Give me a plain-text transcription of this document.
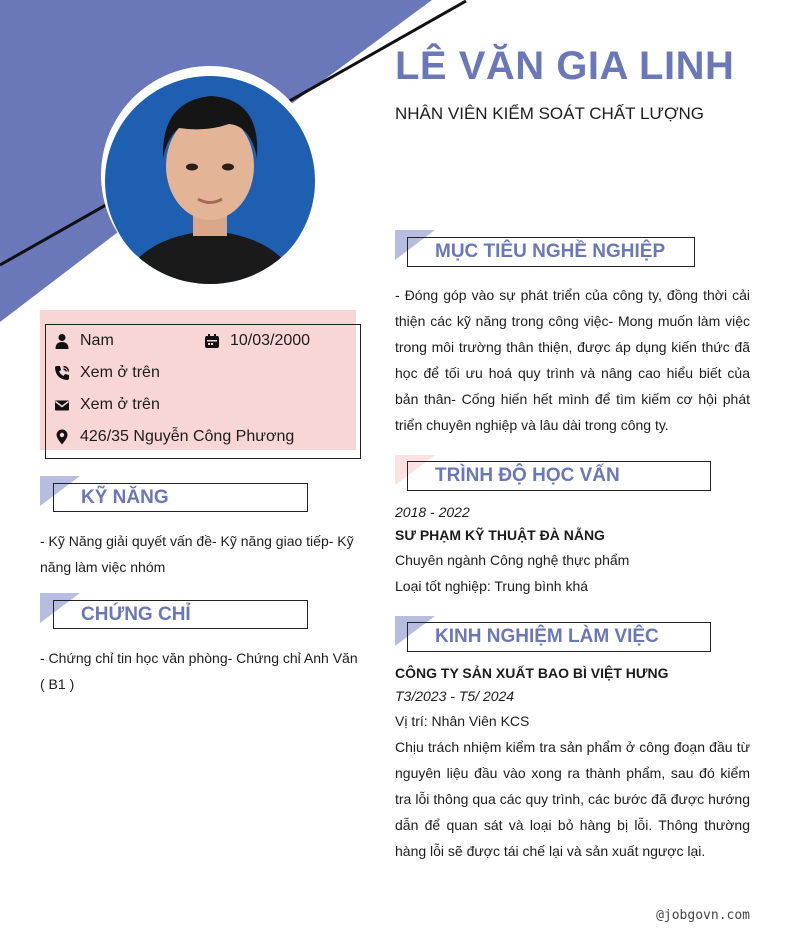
LÊ VĂN GIA LINH
NHÂN VIÊN KIỂM SOÁT CHẤT LƯỢNG
Nam	10/03/2000
Xem ở trên
Xem ở trên
426/35 Nguyễn Công Phương
KỸ NĂNG
- Kỹ Năng giải quyết vấn đề- Kỹ năng giao tiếp- Kỹ năng làm việc nhóm
CHỨNG CHỈ
- Chứng chỉ tin học văn phòng- Chứng chỉ Anh Văn ( B1 )
MỤC TIÊU NGHỀ NGHIỆP
- Đóng góp vào sự phát triển của công ty, đồng thời cải thiện các kỹ năng trong công việc- Mong muốn làm việc trong môi trường thân thiện, được áp dụng kiến thức đã học để tối ưu hoá quy trình và nâng cao hiểu biết của bản thân- Cống hiến hết mình để tìm kiếm cơ hội phát triển chuyên nghiệp và lâu dài trong công ty.
TRÌNH ĐỘ HỌC VẤN
2018 - 2022
SƯ PHẠM KỸ THUẬT ĐÀ NẴNG
Chuyên ngành Công nghệ thực phẩm
Loại tốt nghiệp: Trung bình khá
KINH NGHIỆM LÀM VIỆC
CÔNG TY SẢN XUẤT BAO BÌ VIỆT HƯNG
T3/2023 - T5/ 2024
Vị trí: Nhân Viên KCS
Chịu trách nhiệm kiểm tra sản phẩm ở công đoạn đầu từ nguyên liệu đầu vào xong ra thành phẩm, sau đó kiểm tra lỗi thông qua các quy trình, các bước đã được hướng dẫn để quan sát và loại bỏ hàng bị lỗi. Thông thường hàng lỗi sẽ được tái chế lại và sản xuất ngược lại.
@jobgovn.com
